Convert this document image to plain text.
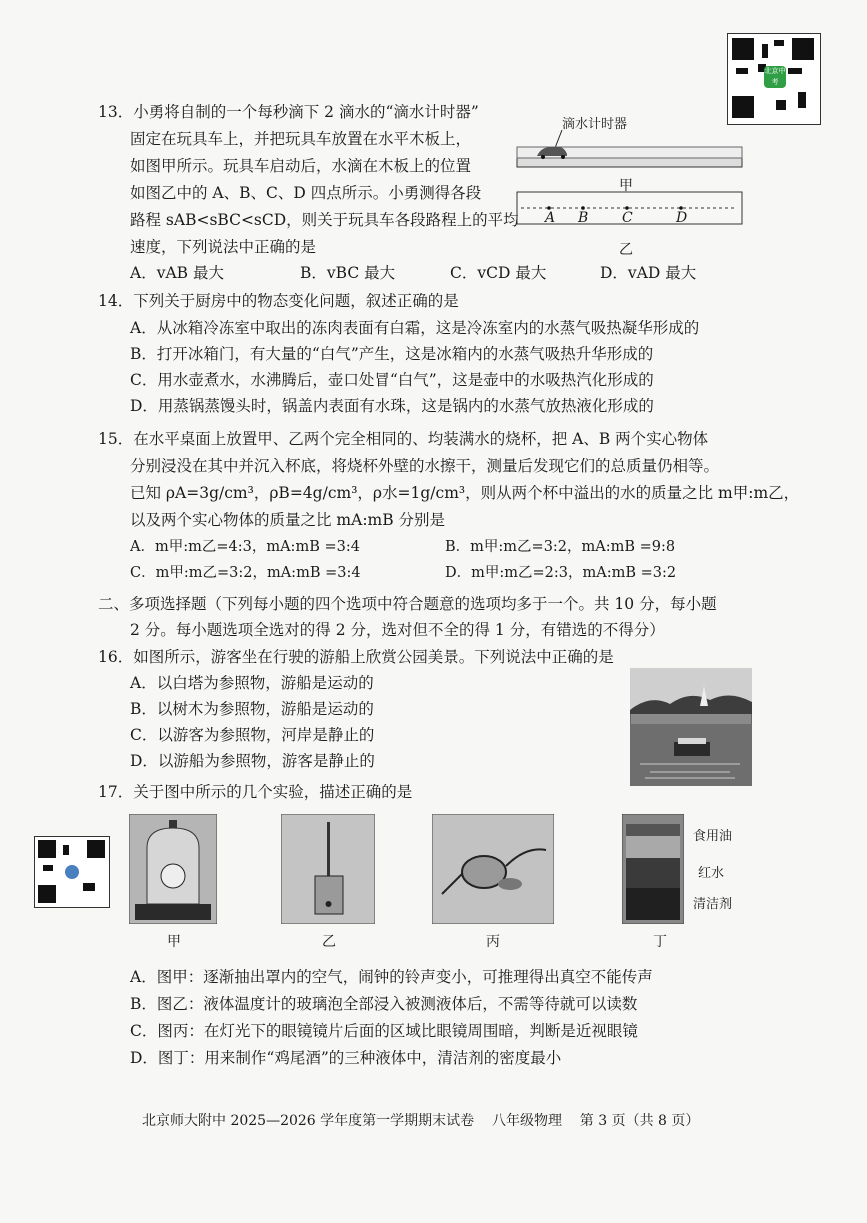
北京中考
13．小勇将自制的一个每秒滴下 2 滴水的“滴水计时器”
固定在玩具车上，并把玩具车放置在水平木板上，
如图甲所示。玩具车启动后，水滴在木板上的位置
如图乙中的 A、B、C、D 四点所示。小勇测得各段
路程 sAB<sBC<sCD，则关于玩具车各段路程上的平均
速度，下列说法中正确的是
滴水计时器
甲
A B C	D
乙
A．vAB 最大	B．vBC 最大	C．vCD 最大	D．vAD 最大
14．下列关于厨房中的物态变化问题，叙述正确的是
A．从冰箱冷冻室中取出的冻肉表面有白霜，这是冷冻室内的水蒸气吸热凝华形成的
B．打开冰箱门，有大量的“白气”产生，这是冰箱内的水蒸气吸热升华形成的
C．用水壶煮水，水沸腾后，壶口处冒“白气”，这是壶中的水吸热汽化形成的
D．用蒸锅蒸馒头时，锅盖内表面有水珠，这是锅内的水蒸气放热液化形成的
15．在水平桌面上放置甲、乙两个完全相同的、均装满水的烧杯，把 A、B 两个实心物体
分别浸没在其中并沉入杯底，将烧杯外壁的水擦干，测量后发现它们的总质量仍相等。
已知 ρA=3g/cm³，ρB=4g/cm³，ρ水=1g/cm³，则从两个杯中溢出的水的质量之比 m甲:m乙，
以及两个实心物体的质量之比 mA:mB 分别是
A．m甲:m乙=4:3，mA:mB =3:4	B．m甲:m乙=3:2，mA:mB =9:8
C．m甲:m乙=3:2，mA:mB =3:4	D．m甲:m乙=2:3，mA:mB =3:2
二、多项选择题（下列每小题的四个选项中符合题意的选项均多于一个。共 10 分，每小题
2 分。每小题选项全选对的得 2 分，选对但不全的得 1 分，有错选的不得分）
16．如图所示，游客坐在行驶的游船上欣赏公园美景。下列说法中正确的是
A．以白塔为参照物，游船是运动的
B．以树木为参照物，游船是运动的
C．以游客为参照物，河岸是静止的
D．以游船为参照物，游客是静止的
17．关于图中所示的几个实验，描述正确的是
甲	乙	丙
食用油
红水
清洁剂
丁
A．图甲：逐渐抽出罩内的空气，闹钟的铃声变小，可推理得出真空不能传声
B．图乙：液体温度计的玻璃泡全部浸入被测液体后，不需等待就可以读数
C．图丙：在灯光下的眼镜镜片后面的区域比眼镜周围暗，判断是近视眼镜
D．图丁：用来制作“鸡尾酒”的三种液体中，清洁剂的密度最小
北京师大附中 2025—2026 学年度第一学期期末试卷    八年级物理    第 3 页（共 8 页）
